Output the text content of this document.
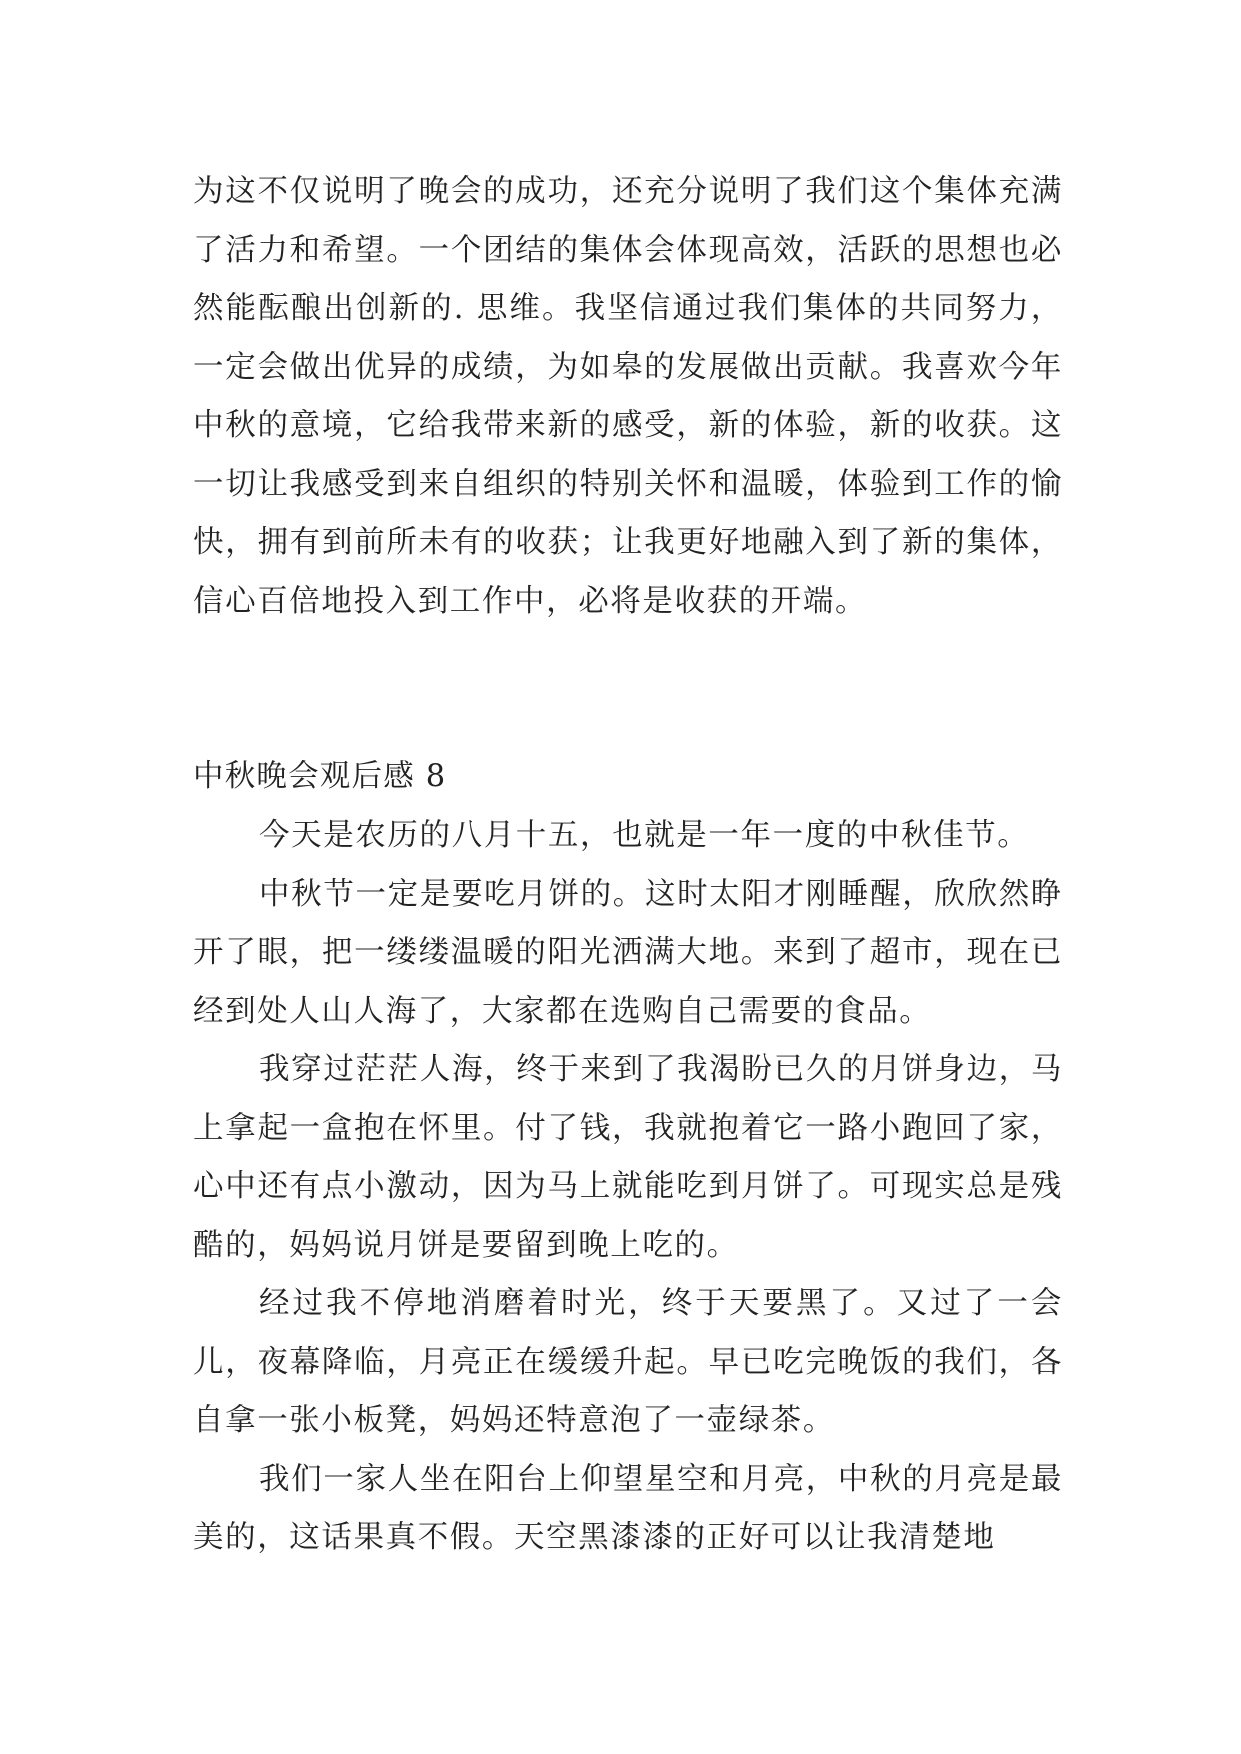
为这不仅说明了晚会的成功，还充分说明了我们这个集体充满了活力和希望。一个团结的集体会体现高效，活跃的思想也必然能酝酿出创新的. 思维。我坚信通过我们集体的共同努力，一定会做出优异的成绩，为如皋的发展做出贡献。我喜欢今年中秋的意境，它给我带来新的感受，新的体验，新的收获。这一切让我感受到来自组织的特别关怀和温暖，体验到工作的愉快，拥有到前所未有的收获；让我更好地融入到了新的集体，信心百倍地投入到工作中，必将是收获的开端。

中秋晚会观后感 8

今天是农历的八月十五，也就是一年一度的中秋佳节。

中秋节一定是要吃月饼的。这时太阳才刚睡醒，欣欣然睁开了眼，把一缕缕温暖的阳光洒满大地。来到了超市，现在已经到处人山人海了，大家都在选购自己需要的食品。

我穿过茫茫人海，终于来到了我渴盼已久的月饼身边，马上拿起一盒抱在怀里。付了钱，我就抱着它一路小跑回了家，心中还有点小激动，因为马上就能吃到月饼了。可现实总是残酷的，妈妈说月饼是要留到晚上吃的。

经过我不停地消磨着时光，终于天要黑了。又过了一会儿，夜幕降临，月亮正在缓缓升起。早已吃完晚饭的我们，各自拿一张小板凳，妈妈还特意泡了一壶绿茶。

我们一家人坐在阳台上仰望星空和月亮，中秋的月亮是最美的，这话果真不假。天空黑漆漆的正好可以让我清楚地
